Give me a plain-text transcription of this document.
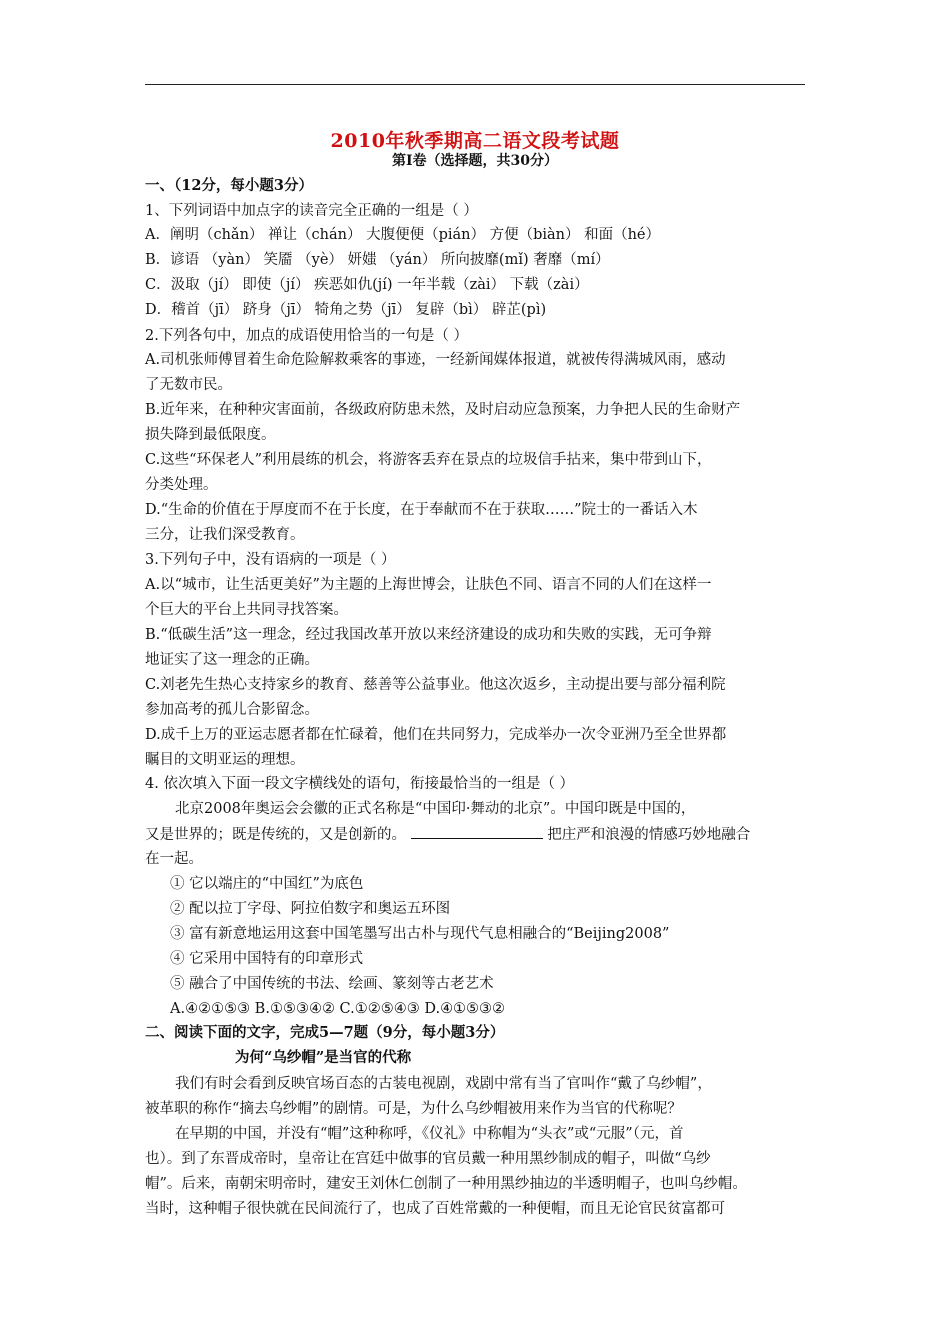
2010年秋季期高二语文段考试题
第Ⅰ卷（选择题，共30分）
一、（12分，每小题3分）
1、下列词语中加点字的读音完全正确的一组是（ ）
A．阐明（chǎn） 禅让（chán） 大腹便便（pián） 方便（biàn） 和面（hé）
B．谚语 （yàn） 笑靥 （yè） 妍媸 （yán） 所向披靡(mǐ) 奢靡（mí）
C．汲取（jí） 即使（jí） 疾恶如仇(jí) 一年半载（zài） 下载（zài）
D．稽首（jī） 跻身（jī） 犄角之势（jī） 复辟（bì） 辟芷(pì)
2.下列各句中，加点的成语使用恰当的一句是（ ）
A.司机张师傅冒着生命危险解救乘客的事迹，一经新闻媒体报道，就被传得满城风雨，感动
了无数市民。
B.近年来，在种种灾害面前，各级政府防患未然，及时启动应急预案，力争把人民的生命财产
损失降到最低限度。
C.这些“环保老人”利用晨练的机会，将游客丢弃在景点的垃圾信手拈来，集中带到山下，
分类处理。
D.“生命的价值在于厚度而不在于长度，在于奉献而不在于获取……”院士的一番话入木
三分，让我们深受教育。
3.下列句子中，没有语病的一项是（ ）
A.以“城市，让生活更美好”为主题的上海世博会，让肤色不同、语言不同的人们在这样一
个巨大的平台上共同寻找答案。
B.“低碳生活”这一理念，经过我国改革开放以来经济建设的成功和失败的实践，无可争辩
地证实了这一理念的正确。
C.刘老先生热心支持家乡的教育、慈善等公益事业。他这次返乡，主动提出要与部分福利院
参加高考的孤儿合影留念。
D.成千上万的亚运志愿者都在忙碌着，他们在共同努力，完成举办一次令亚洲乃至全世界都
瞩目的文明亚运的理想。
4. 依次填入下面一段文字横线处的语句，衔接最恰当的一组是（ ）
北京2008年奥运会会徽的正式名称是“中国印·舞动的北京”。中国印既是中国的，
又是世界的；既是传统的，又是创新的。	把庄严和浪漫的情感巧妙地融合
在一起。
① 它以端庄的“中国红”为底色
② 配以拉丁字母、阿拉伯数字和奥运五环图
③ 富有新意地运用这套中国笔墨写出古朴与现代气息相融合的“Beijing2008”
④ 它采用中国特有的印章形式
⑤ 融合了中国传统的书法、绘画、篆刻等古老艺术
A.④②①⑤③ B.①⑤③④② C.①②⑤④③ D.④①⑤③②
二、阅读下面的文字，完成5—7题（9分，每小题3分）
为何“乌纱帽”是当官的代称
我们有时会看到反映官场百态的古装电视剧，戏剧中常有当了官叫作“戴了乌纱帽”，
被革职的称作“摘去乌纱帽”的剧情。可是，为什么乌纱帽被用来作为当官的代称呢？
在早期的中国，并没有“帽”这种称呼，《仪礼》中称帽为“头衣”或“元服”（元，首
也）。到了东晋成帝时，皇帝让在宫廷中做事的官员戴一种用黑纱制成的帽子，叫做“乌纱
帽”。后来，南朝宋明帝时，建安王刘休仁创制了一种用黑纱抽边的半透明帽子，也叫乌纱帽。
当时，这种帽子很快就在民间流行了，也成了百姓常戴的一种便帽，而且无论官民贫富都可
